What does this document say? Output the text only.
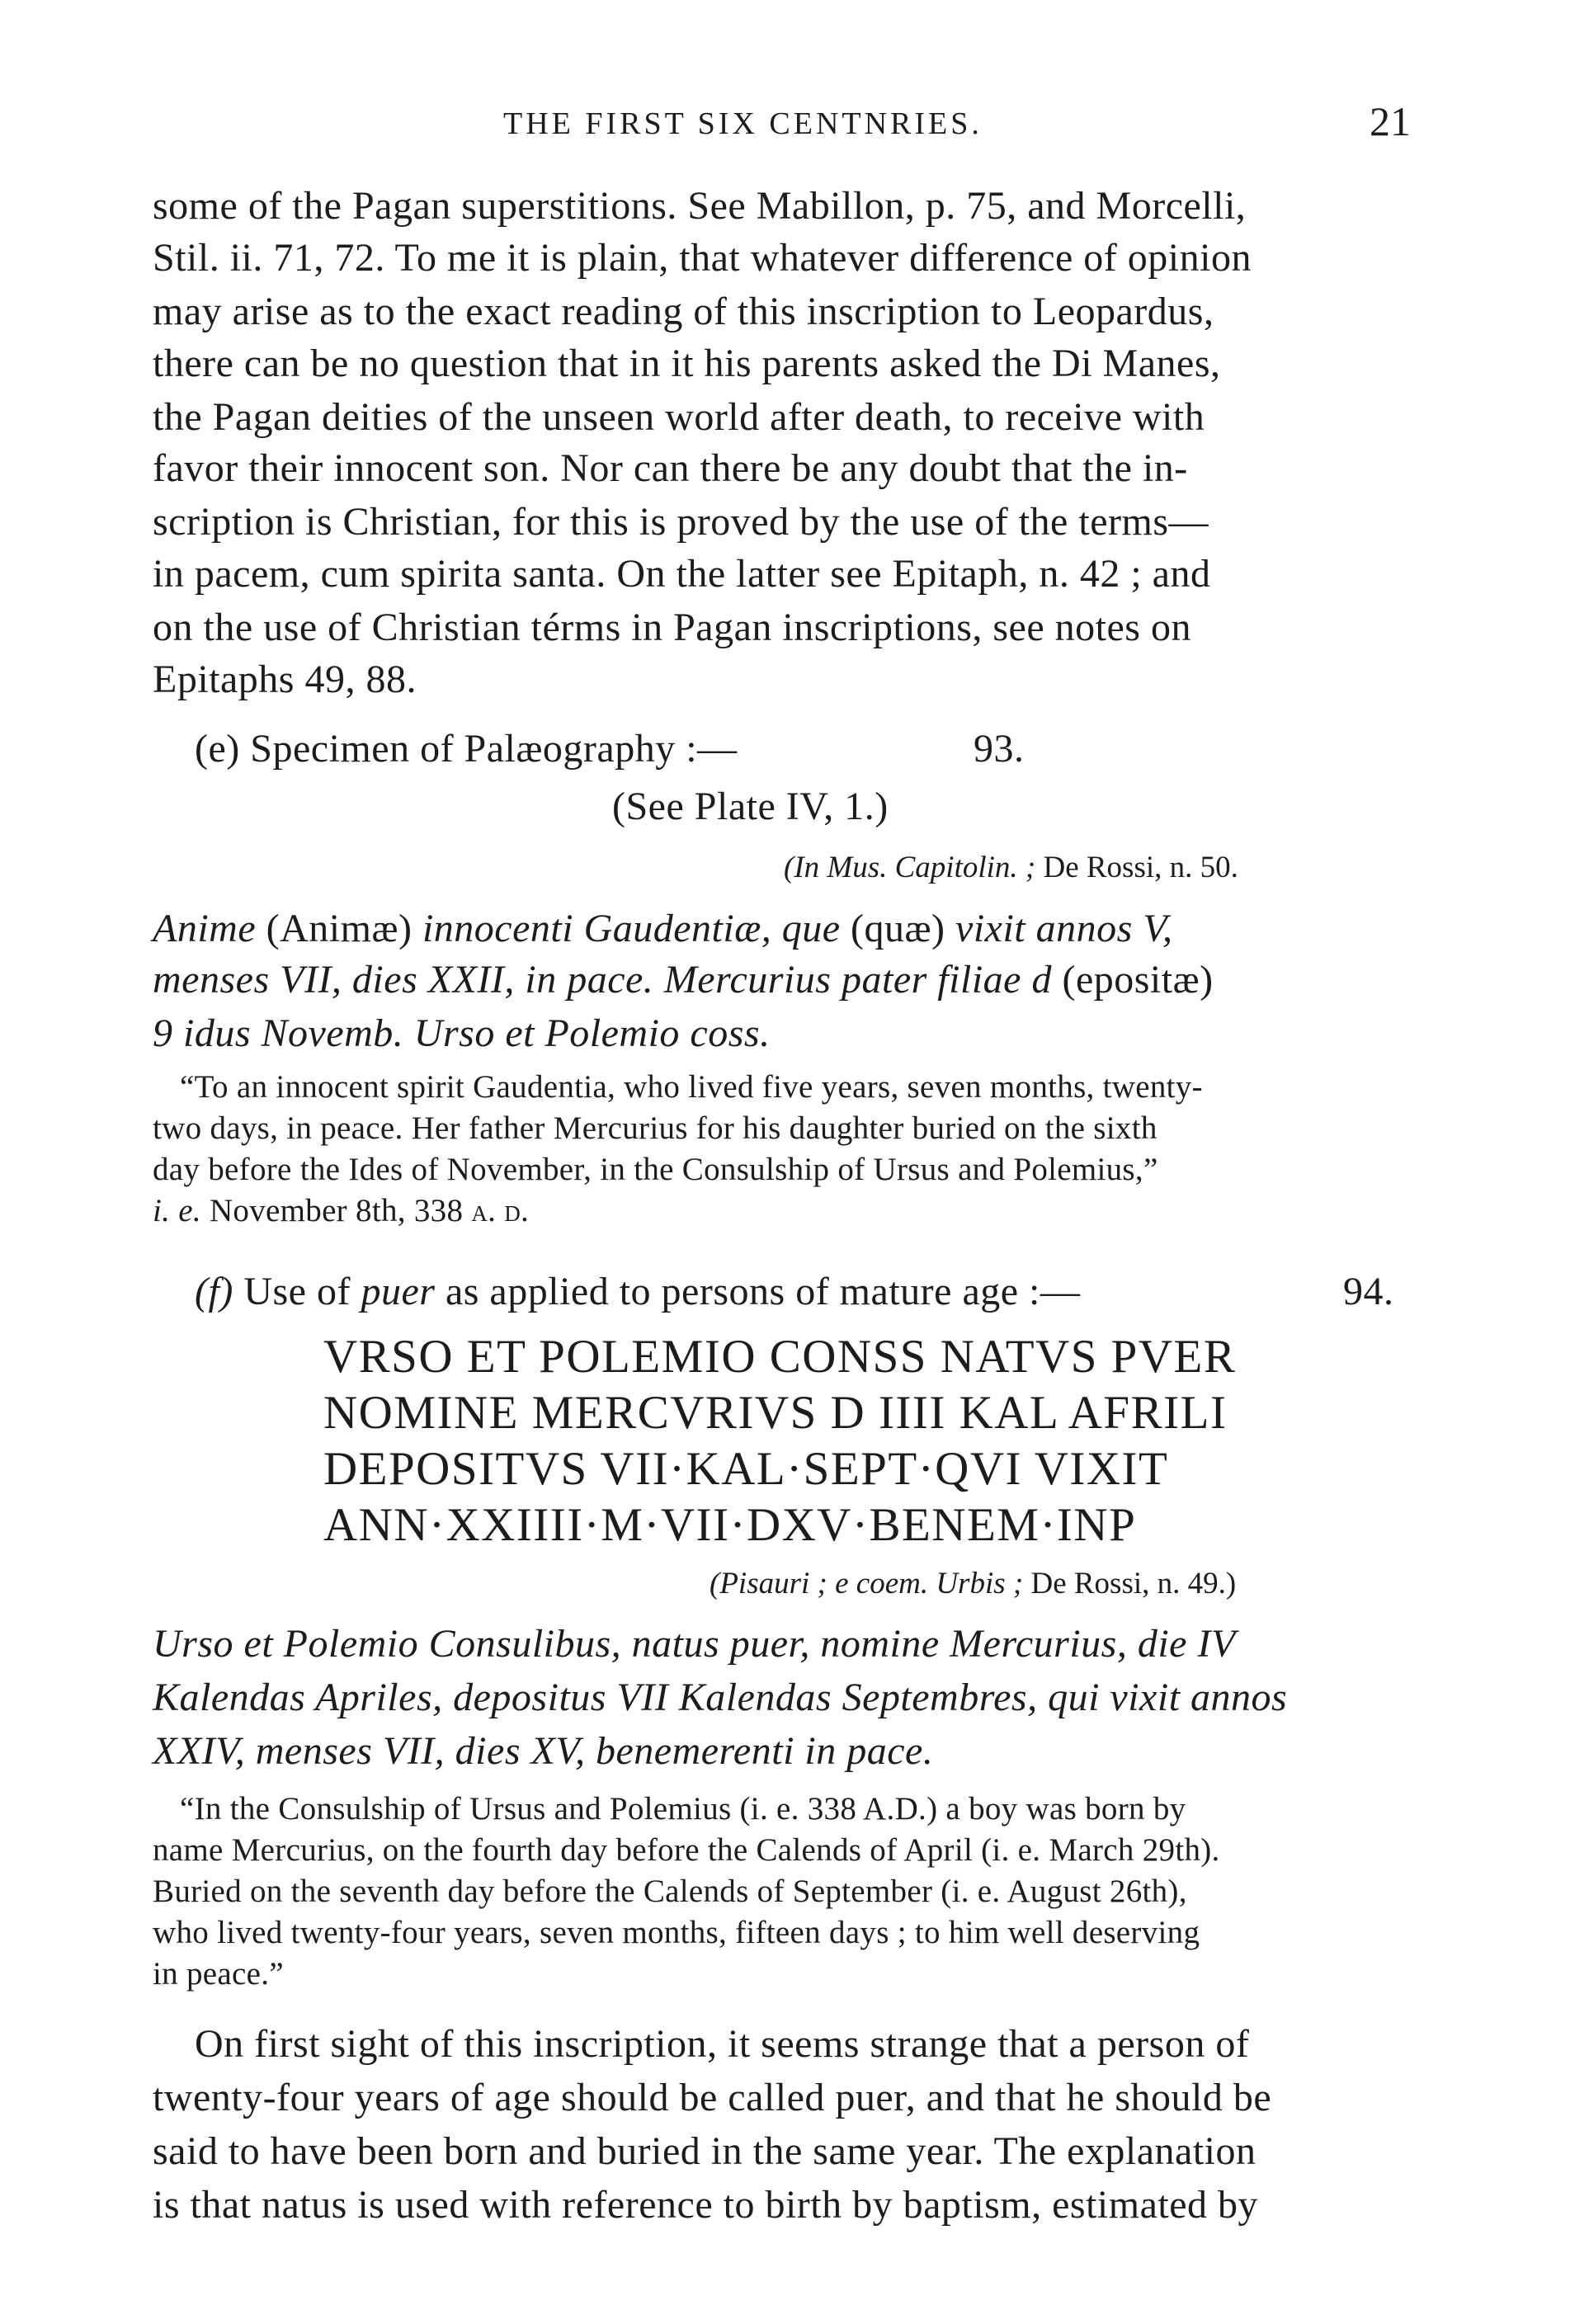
THE FIRST SIX CENTNRIES.	21
some of the Pagan superstitions. See Mabillon, p. 75, and Morcelli,
Stil. ii. 71, 72. To me it is plain, that whatever difference of opinion
may arise as to the exact reading of this inscription to Leopardus,
there can be no question that in it his parents asked the Di Manes,
the Pagan deities of the unseen world after death, to receive with
favor their innocent son. Nor can there be any doubt that the in-
scription is Christian, for this is proved by the use of the terms—
in pacem, cum spirita santa. On the latter see Epitaph, n. 42 ; and
on the use of Christian térms in Pagan inscriptions, see notes on
Epitaphs 49, 88.
(e) Specimen of Palæography :—	93.
(See Plate IV, 1.)
(In Mus. Capitolin. ; De Rossi, n. 50.
Anime (Animæ) innocenti Gaudentiæ, que (quæ) vixit annos V,
menses VII, dies XXII, in pace. Mercurius pater filiae d (epositæ)
9 idus Novemb. Urso et Polemio coss.
“To an innocent spirit Gaudentia, who lived five years, seven months, twenty-
two days, in peace. Her father Mercurius for his daughter buried on the sixth
day before the Ides of November, in the Consulship of Ursus and Polemius,”
i. e. November 8th, 338 a. d.
(f) Use of puer as applied to persons of mature age :—	94.
VRSO ET POLEMIO CONSS NATVS PVER
NOMINE MERCVRIVS D IIII KAL AFRILI
DEPOSITVS VII·KAL·SEPT·QVI VIXIT
ANN·XXIIII·M·VII·DXV·BENEM·INP
(Pisauri ; e coem. Urbis ; De Rossi, n. 49.)
Urso et Polemio Consulibus, natus puer, nomine Mercurius, die IV
Kalendas Apriles, depositus VII Kalendas Septembres, qui vixit annos
XXIV, menses VII, dies XV, benemerenti in pace.
“In the Consulship of Ursus and Polemius (i. e. 338 A.D.) a boy was born by
name Mercurius, on the fourth day before the Calends of April (i. e. March 29th).
Buried on the seventh day before the Calends of September (i. e. August 26th),
who lived twenty-four years, seven months, fifteen days ; to him well deserving
in peace.”
On first sight of this inscription, it seems strange that a person of
twenty-four years of age should be called puer, and that he should be
said to have been born and buried in the same year. The explanation
is that natus is used with reference to birth by baptism, estimated by
